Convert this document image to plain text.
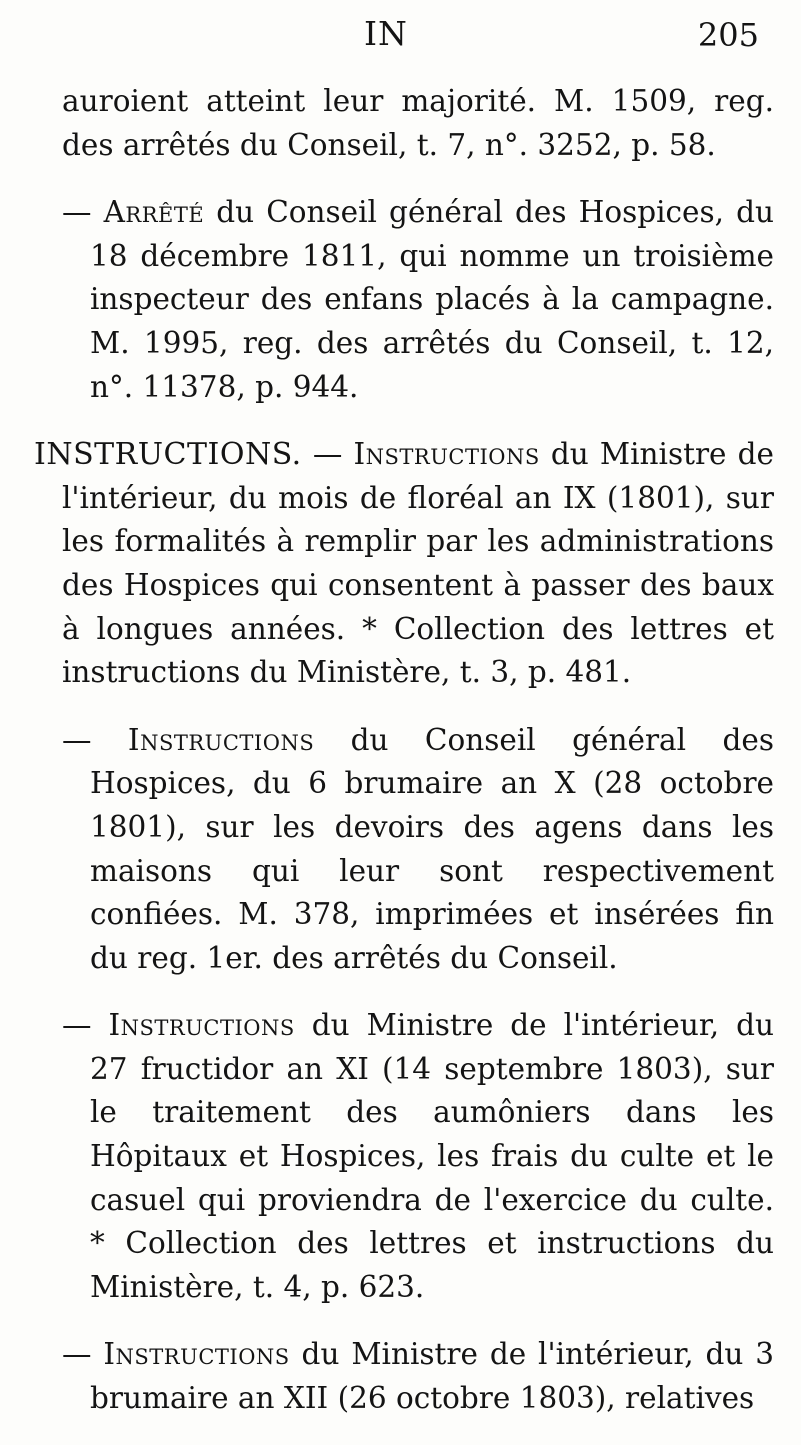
IN	205

auroient atteint leur majorité. M. 1509, reg. des arrêtés du Conseil, t. 7, n°. 3252, p. 58.

— Arrêté du Conseil général des Hospices, du 18 décembre 1811, qui nomme un troisième inspecteur des enfans placés à la campagne. M. 1995, reg. des arrêtés du Conseil, t. 12, n°. 11378, p. 944.

INSTRUCTIONS. — Instructions du Ministre de l'intérieur, du mois de floréal an IX (1801), sur les formalités à remplir par les administrations des Hospices qui consentent à passer des baux à longues années. * Collection des lettres et instructions du Ministère, t. 3, p. 481.

— Instructions du Conseil général des Hospices, du 6 brumaire an X (28 octobre 1801), sur les devoirs des agens dans les maisons qui leur sont respectivement confiées. M. 378, imprimées et insérées fin du reg. 1er. des arrêtés du Conseil.

— Instructions du Ministre de l'intérieur, du 27 fructidor an XI (14 septembre 1803), sur le traitement des aumôniers dans les Hôpitaux et Hospices, les frais du culte et le casuel qui proviendra de l'exercice du culte. * Collection des lettres et instructions du Ministère, t. 4, p. 623.

— Instructions du Ministre de l'intérieur, du 3 brumaire an XII (26 octobre 1803), relatives
